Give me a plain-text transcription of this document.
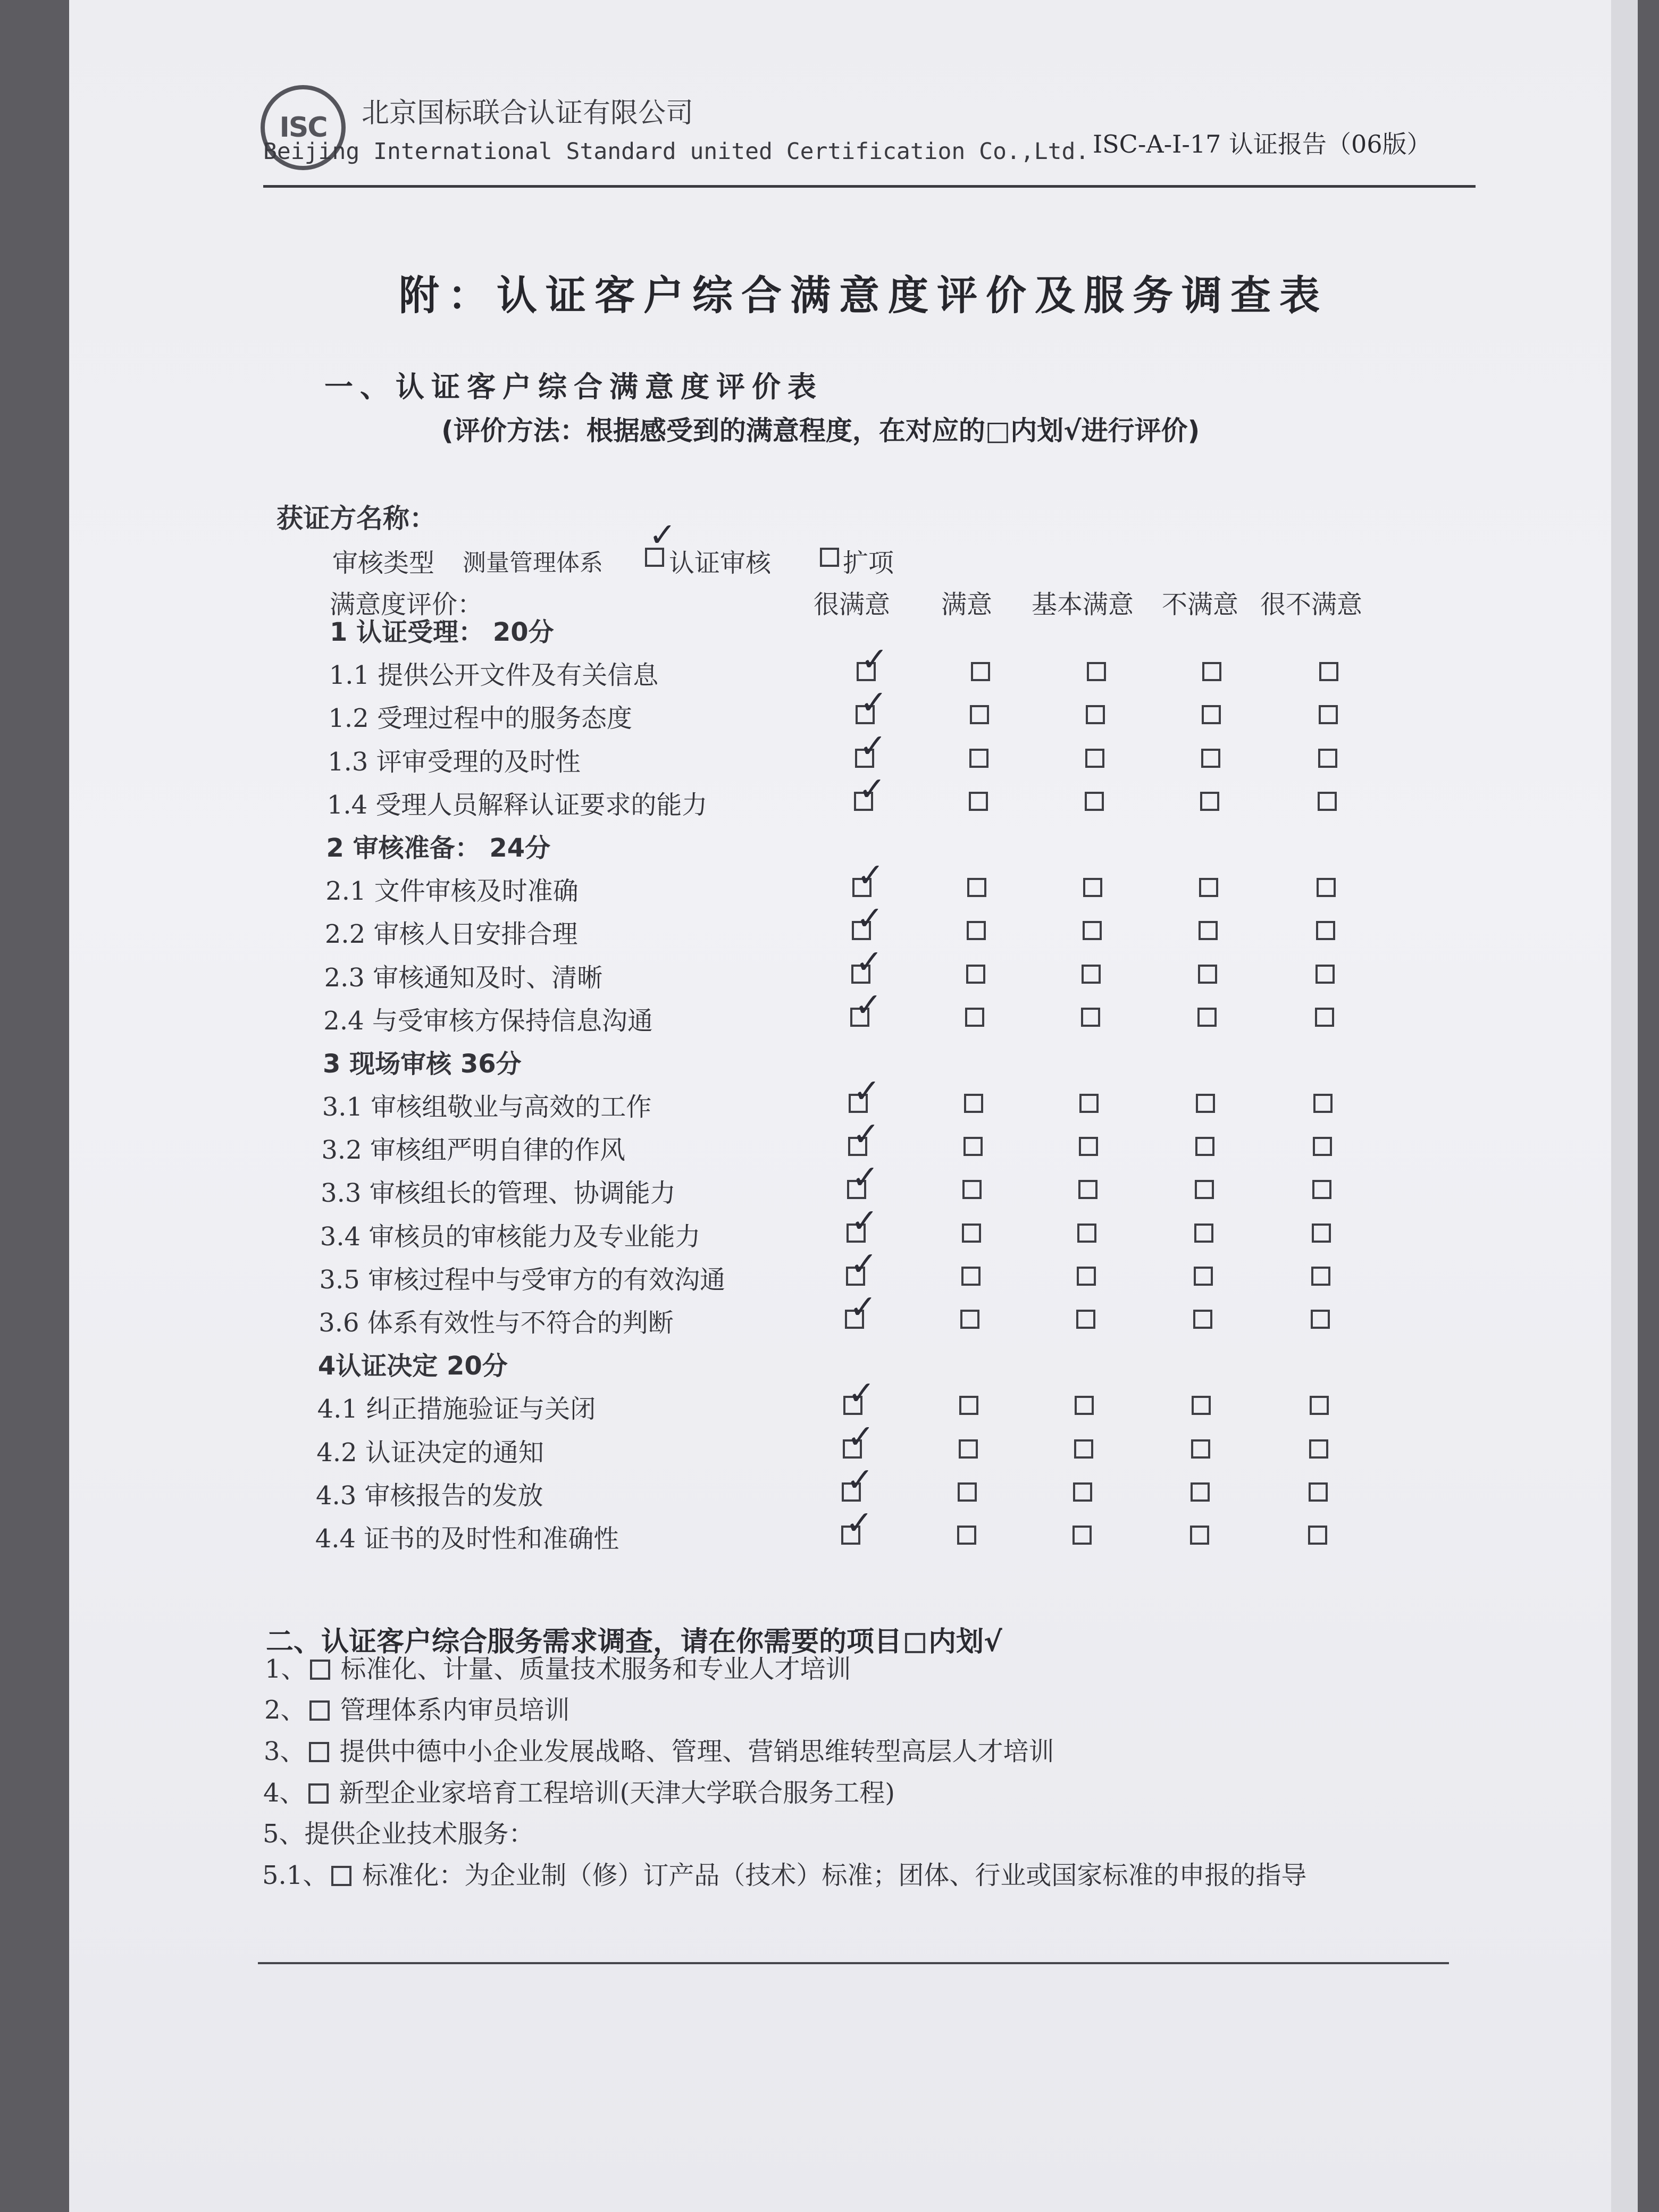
ISC 北京国标联合认证有限公司
Beijing International Standard united Certification Co.,Ltd. ISC-A-I-17 认证报告（06版）
附：认证客户综合满意度评价及服务调查表
一、认证客户综合满意度评价表
(评价方法：根据感受到的满意程度，在对应的□内划√进行评价)
获证方名称：
审核类型 测量管理体系
✓
认证审核	扩项
满意度评价：	很满意 满意 基本满意 不满意 很不满意
1 认证受理： 20分
1.1 提供公开文件及有关信息	✓
1.2 受理过程中的服务态度	✓
1.3 评审受理的及时性	✓
1.4 受理人员解释认证要求的能力	✓
2 审核准备： 24分
2.1 文件审核及时准确	✓
2.2 审核人日安排合理	✓
2.3 审核通知及时、清晰	✓
2.4 与受审核方保持信息沟通	✓
3 现场审核 36分
3.1 审核组敬业与高效的工作	✓
3.2 审核组严明自律的作风	✓
3.3 审核组长的管理、协调能力	✓
3.4 审核员的审核能力及专业能力	✓
3.5 审核过程中与受审方的有效沟通	✓
3.6 体系有效性与不符合的判断	✓
4认证决定 20分
4.1 纠正措施验证与关闭	✓
4.2 认证决定的通知	✓
4.3 审核报告的发放	✓
4.4 证书的及时性和准确性	✓
二、认证客户综合服务需求调查，请在你需要的项目 内划√
1、 标准化、计量、质量技术服务和专业人才培训
2、 管理体系内审员培训
3、 提供中德中小企业发展战略、管理、营销思维转型高层人才培训
4、 新型企业家培育工程培训(天津大学联合服务工程)
5、提供企业技术服务：
5.1、 标准化：为企业制（修）订产品（技术）标准；团体、行业或国家标准的申报的指导
